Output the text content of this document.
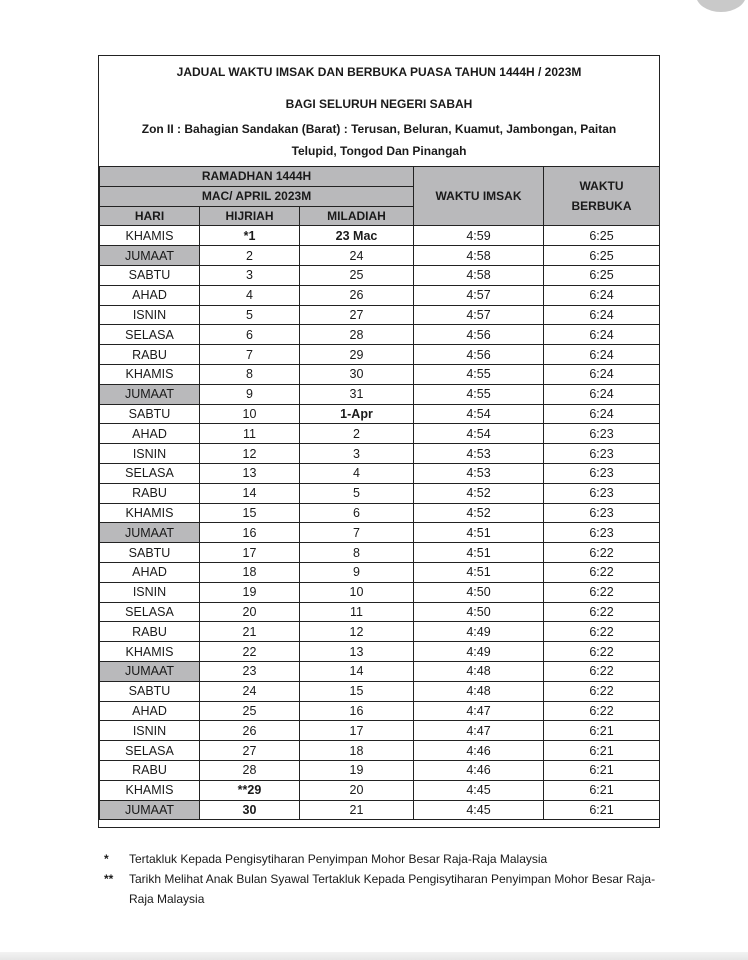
JADUAL WAKTU IMSAK DAN BERBUKA PUASA TAHUN 1444H / 2023M
BAGI SELURUH NEGERI SABAH
Zon II : Bahagian Sandakan (Barat) : Terusan, Beluran, Kuamut, Jambongan, Paitan
Telupid, Tongod Dan Pinangah
RAMADHAN 1444H			WAKTU IMSAK	WAKTU BERBUKA
MAC/ APRIL 2023M				
HARI	HIJRIAH	MILADIAH		
KHAMIS	*1	23 Mac	4:59	6:25
JUMAAT	2	24	4:58	6:25
SABTU	3	25	4:58	6:25
AHAD	4	26	4:57	6:24
ISNIN	5	27	4:57	6:24
SELASA	6	28	4:56	6:24
RABU	7	29	4:56	6:24
KHAMIS	8	30	4:55	6:24
JUMAAT	9	31	4:55	6:24
SABTU	10	1-Apr	4:54	6:24
AHAD	11	2	4:54	6:23
ISNIN	12	3	4:53	6:23
SELASA	13	4	4:53	6:23
RABU	14	5	4:52	6:23
KHAMIS	15	6	4:52	6:23
JUMAAT	16	7	4:51	6:23
SABTU	17	8	4:51	6:22
AHAD	18	9	4:51	6:22
ISNIN	19	10	4:50	6:22
SELASA	20	11	4:50	6:22
RABU	21	12	4:49	6:22
KHAMIS	22	13	4:49	6:22
JUMAAT	23	14	4:48	6:22
SABTU	24	15	4:48	6:22
AHAD	25	16	4:47	6:22
ISNIN	26	17	4:47	6:21
SELASA	27	18	4:46	6:21
RABU	28	19	4:46	6:21
KHAMIS	**29	20	4:45	6:21
JUMAAT	30	21	4:45	6:21
* Tertakluk Kepada Pengisytiharan Penyimpan Mohor Besar Raja-Raja Malaysia
** Tarikh Melihat Anak Bulan Syawal Tertakluk Kepada Pengisytiharan Penyimpan Mohor Besar Raja-Raja Malaysia
